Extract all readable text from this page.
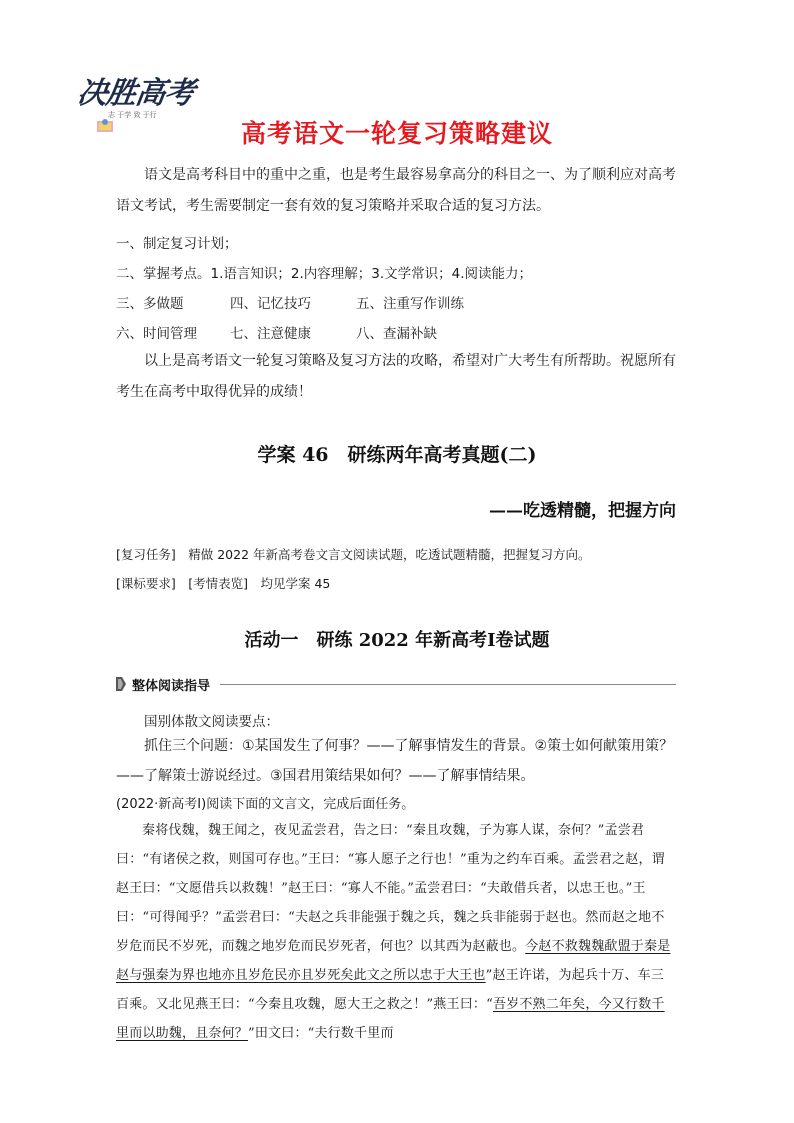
决胜高考
志 于学 致 于行
高考语文一轮复习策略建议
语文是高考科目中的重中之重，也是考生最容易拿高分的科目之一、为了顺利应对高考语文考试，考生需要制定一套有效的复习策略并采取合适的复习方法。
一、制定复习计划；
二、掌握考点。1.语言知识；2.内容理解；3.文学常识；4.阅读能力；
三、多做题	四、记忆技巧	五、注重写作训练
六、时间管理 七、注意健康	八、查漏补缺
以上是高考语文一轮复习策略及复习方法的攻略，希望对广大考生有所帮助。祝愿所有考生在高考中取得优异的成绩！
学案 46　研练两年高考真题(二)
——吃透精髓，把握方向
[复习任务]　精做 2022 年新高考卷文言文阅读试题，吃透试题精髓，把握复习方向。
[课标要求]　[考情表览]　均见学案 45
活动一　研练 2022 年新高考Ⅰ卷试题
整体阅读指导
国别体散文阅读要点：
抓住三个问题：①某国发生了何事？——了解事情发生的背景。②策士如何献策用策？——了解策士游说经过。③国君用策结果如何？——了解事情结果。
(2022·新高考Ⅰ)阅读下面的文言文，完成后面任务。

秦将伐魏，魏王闻之，夜见孟尝君，告之曰：“秦且攻魏，子为寡人谋，奈何？”孟尝君曰：“有诸侯之救，则国可存也。”王曰：“寡人愿子之行也！”重为之约车百乘。孟尝君之赵，谓赵王曰：“文愿借兵以救魏！”赵王曰：“寡人不能。”孟尝君曰：“夫敢借兵者，以忠王也。”王曰：“可得闻乎？”孟尝君曰：“夫赵之兵非能强于魏之兵，魏之兵非能弱于赵也。然而赵之地不岁危而民不岁死，而魏之地岁危而民岁死者，何也？以其西为赵蔽也。今赵不救魏魏歃盟于秦是赵与强秦为界也地亦且岁危民亦且岁死矣此文之所以忠于大王也”赵王许诺，为起兵十万、车三百乘。又北见燕王曰：“今秦且攻魏，愿大王之救之！”燕王曰：“吾岁不熟二年矣，今又行数千里而以助魏，且奈何？”田文曰：“夫行数千里而
